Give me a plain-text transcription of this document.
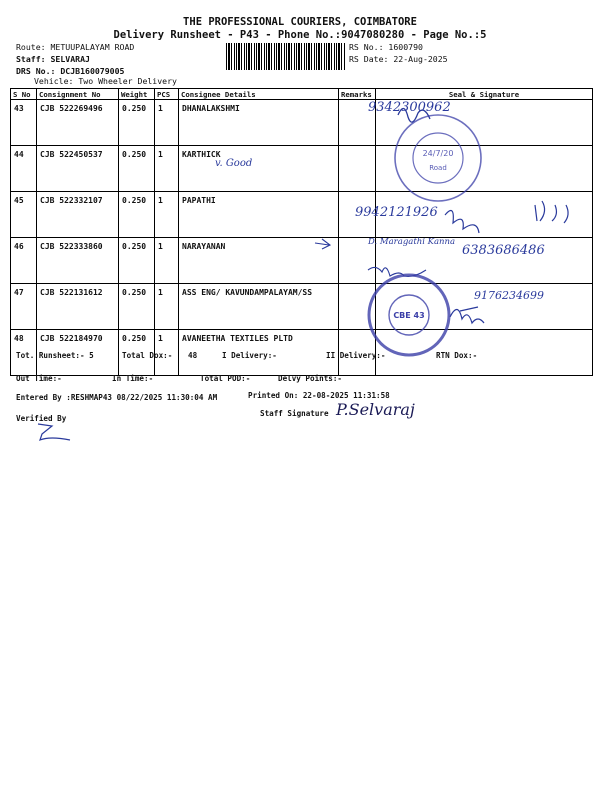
THE PROFESSIONAL COURIERS, COIMBATORE
Delivery Runsheet - P43 - Phone No.:9047080280 - Page No.:5
Route: METUUPALAYAM ROAD
Staff: SELVARAJ
DRS No.: DCJB160079005
Vehicle: Two Wheeler Delivery
RS No.: 1600790
RS Date: 22-Aug-2025
S No	Consignment No	Weight	PCS	Consignee Details	Remarks	Seal & Signature
43	CJB 522269496	0.250	1	DHANALAKSHMI		
44	CJB 522450537	0.250	1	KARTHICK		
45	CJB 522332107	0.250	1	PAPATHI		
46	CJB 522333860	0.250	1	NARAYANAN		
47	CJB 522131612	0.250	1	ASS ENG/ KAVUNDAMPALAYAM/SS		
48	CJB 522184970	0.250	1	AVANEETHA TEXTILES PLTD		
9342300962
v. Good
9942121926
D. Maragathi Kanna
6383686486
9176234699
P.Selvaraj
24/7/20
Road
CBE 43
Tot. Runsheet:- 5	Total Dox:- 48	I Delivery:-	II Delivery:-	RTN Dox:-
Out Time:-	In Time:-	Total POD:-	Delvy Points:-
Entered By :RESHMAP43 08/22/2025 11:30:04 AM	Printed On: 22-08-2025 11:31:58
Verified By
Staff Signature
